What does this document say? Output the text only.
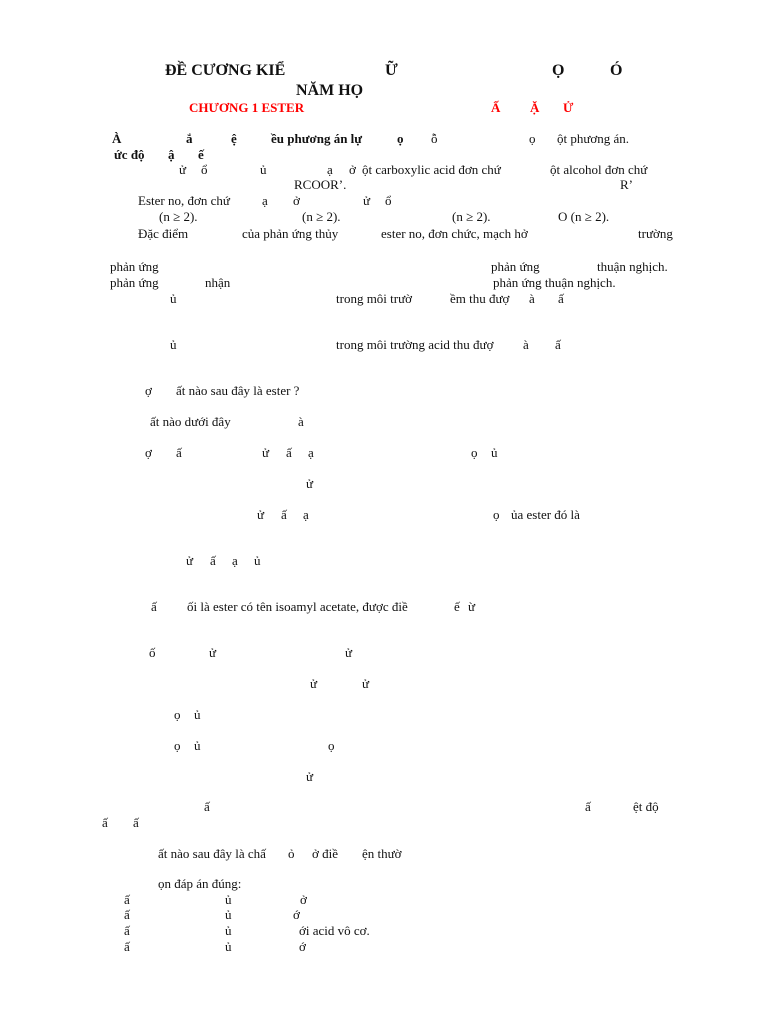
ĐỀ CƯƠNG KIỂ	Ữ	Ọ	Ó
NĂM HỌ
CHƯƠNG 1 ESTER	Ấ Ặ Ử
À	ắ	ệ	ều phương án lự	ọ ỗ	ọ ột phương án.
ức độ ậ ế
ử ổ	ủ	ạ ở ột carboxylic acid đơn chứ	ột alcohol đơn chứ
RCOOR’.	R’
Ester no, đơn chứ ạ ở	ử ổ
(n ≥ 2).	(n ≥ 2).	(n ≥ 2).	O (n ≥ 2).
Đặc điểm	của phản ứng thủy	ester no, đơn chức, mạch hở	trường
phản ứng	phản ứng	thuận nghịch.
phản ứng	nhận	phản ứng thuận nghịch.
ủ	trong môi trườ	ềm thu đượ à ấ
ủ	trong môi trường acid thu đượ à ấ
ợ ất nào sau đây là ester ?
ất nào dưới đây	à
ợ ấ	ử ấ ạ	ọ ủ
ử
ử ấ ạ	ọ ủa ester đó là
ử ấ ạ ủ
ấ ối là ester có tên isoamyl acetate, được điề	ế ừ
ố	ử	ử
ử	ử
ọ ủ
ọ ủ	ọ
ử
ấ	ấ	ệt độ
ấ ấ
ất nào sau đây là chấ ỏ ở điề ện thườ
ọn đáp án đúng:
ấ	ủ	ở
ấ	ủ	ớ
ấ	ủ	ới acid vô cơ.
ấ	ủ	ớ
